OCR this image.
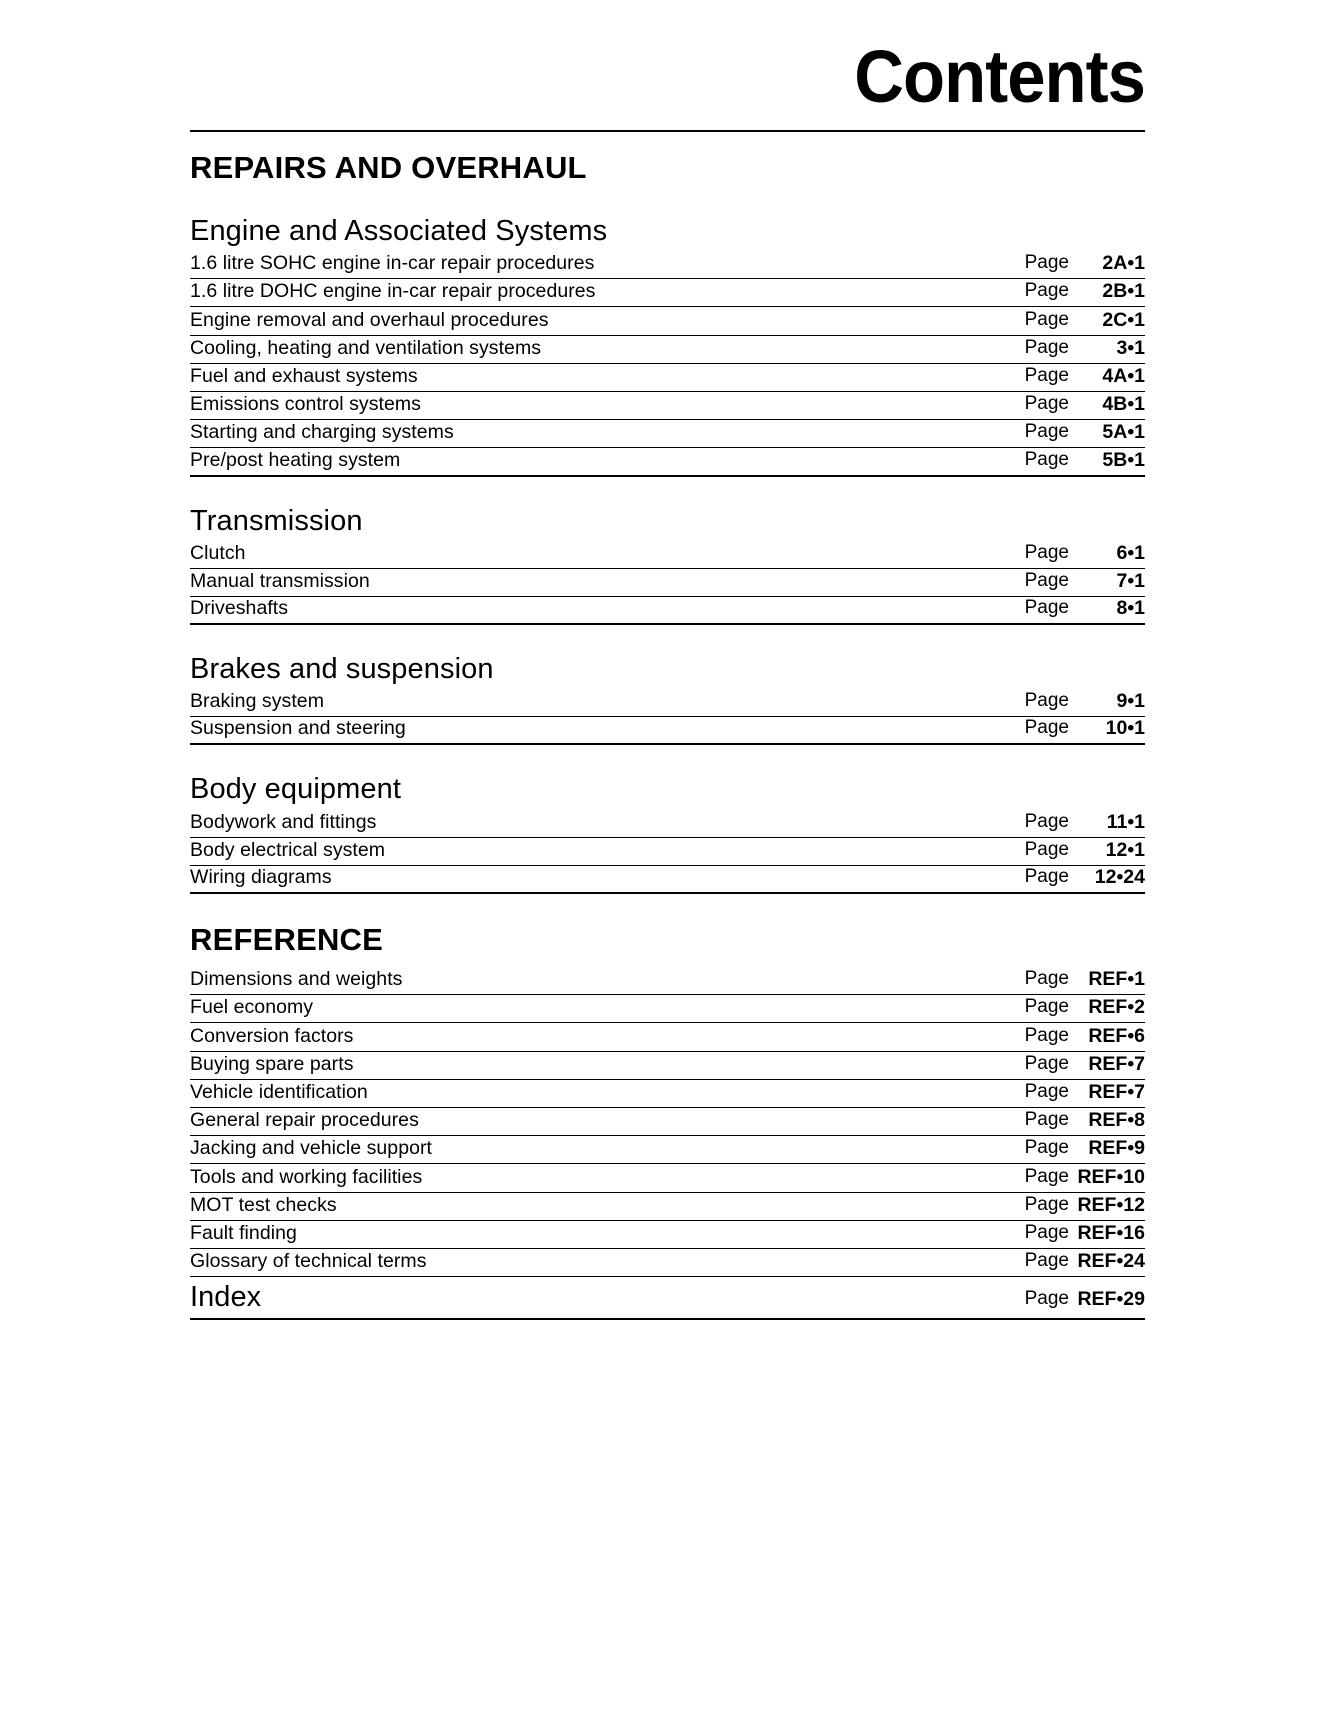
Contents
REPAIRS AND OVERHAUL
Engine and Associated Systems
1.6 litre SOHC engine in-car repair procedures	Page	2A•1
1.6 litre DOHC engine in-car repair procedures	Page	2B•1
Engine removal and overhaul procedures	Page	2C•1
Cooling, heating and ventilation systems	Page	3•1
Fuel and exhaust systems	Page	4A•1
Emissions control systems	Page	4B•1
Starting and charging systems	Page	5A•1
Pre/post heating system	Page	5B•1
Transmission
Clutch	Page	6•1
Manual transmission	Page	7•1
Driveshafts	Page	8•1
Brakes and suspension
Braking system	Page	9•1
Suspension and steering	Page	10•1
Body equipment
Bodywork and fittings	Page	11•1
Body electrical system	Page	12•1
Wiring diagrams	Page	12•24
REFERENCE
Dimensions and weights	Page REF•1
Fuel economy	Page REF•2
Conversion factors	Page REF•6
Buying spare parts	Page REF•7
Vehicle identification	Page REF•7
General repair procedures	Page REF•8
Jacking and vehicle support	Page REF•9
Tools and working facilities	Page REF•10
MOT test checks	Page REF•12
Fault finding	Page REF•16
Glossary of technical terms	Page REF•24
Index	Page REF•29
